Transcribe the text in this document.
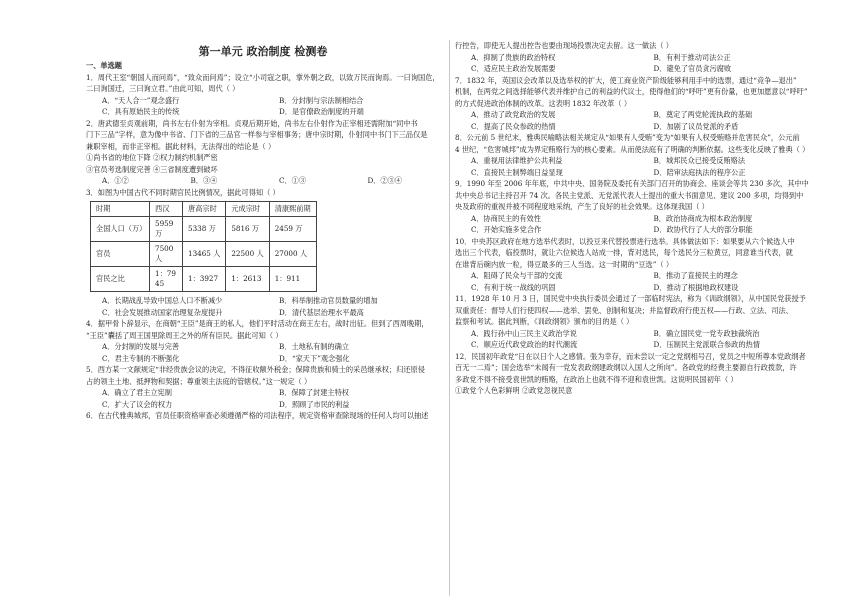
第一单元 政治制度 检测卷

一、单选题

1．周代王室“朝国人而问焉”，“致众而问焉”；设立“小司寇之职，掌外朝之政，以致万民而询焉。一曰询国危，

二曰询国迁，三曰询立君。”由此可知，周代（ ）

A．“天人合一”观念盛行	B．分封制与宗法制相结合
C．具有原始民主的传统	D．是官僚政治制度的开端

2．唐武德至贞观前期，尚书左右仆射为宰相。贞观后期开始，尚书左右仆射作为正宰相还需附加“同中书

门下三品”字样，意为像中书省、门下省的三品官一样参与宰相事务；唐中宗时期，仆射同中书门下三品仅是

兼职宰相，而非正宰相。据此材料，无法得出的结论是（ ）

①尚书省的地位下降 ②权力制约机制严密

③官员考选制度完善 ④三省制度遭到破坏

A．①②	B．③④	C．①③	D．②③④

3．如图为中国古代不同时期官民比例情况，据此可得知（ ）

时期	西汉	唐高宗时	元成宗时	清康熙前期
全国人口（万）	5959 万	5338 万	5816 万	2459 万
官员	7500 人	13465 人	22500 人	27000 人
官民之比	1：7945	1：3927	1：2613	1：911
A．长期战乱导致中国总人口不断减少	B．科举制推动官员数量的增加
C．社会发展推动国家治理复杂度提升	D．清代基层治理水平最高

4．据甲骨卜辞显示，在商朝“王臣”是商王的私人，他们平时活动在商王左右，战时出征。但到了西周晚期，

“王臣”囊括了周王国里除周王之外的所有臣民。据此可知（ ）

A．分封制的发展与完善	B．土地私有制的确立
C．君主专制的不断强化	D．“家天下”观念强化

5．西方某一文献规定“非经贵族会议的决定，不得征收额外税金；保障贵族和骑士的采邑继承权；归还原侵

占的领主土地、抵押物和契据；尊重领主法庭的管辖权。”这一规定（ ）

A．确立了君主立宪制	B．保障了封建主特权
C．扩大了议会的权力	D．照顾了市民的利益

6．在古代雅典城邦，官员任职资格审查必须遵循严格的司法程序，规定资格审查除现场的任何人均可以抽述

行控告，即使无人提出控告也要由现场投票决定去留。这一做法（ ）

A．抑制了贵族的政治特权	B．有利于推动司法公正
C．适应民主政治发展需要	D．避免了官员贪污腐败

7．1832 年，英国议会改革以及选举权的扩大，使工商业资产阶级能够利用手中的选票，通过“竞争—退出”

机制，在两党之间选择能够代表并维护自己的利益的代议士，使得他们的“呼吁”更有份量，也更加愿意以“呼吁”

的方式促进政治体制的改革。这表明 1832 年改革（ ）

A．推动了政党政治的发展	B．奠定了两党轮流执政的基础
C．提高了民众参政的热情	D．加剧了议员党派的矛盾

8．公元前 5 世纪末，雅典民喻略法相关规定从“如果有人受贿”变为“如果有人权受贿赂并危害民众”，公元前

4 世纪，“危害城邦”成为界定贿赂行为的核心要素。从而使法庭有了明确的判断依据。这些变化反映了雅典（ ）

A．重视用法律维护公共利益	B．城邦民众已接受反贿赂法
C．直接民主制弊端日益显现	D．陪审法庭执法的程序公正

9．1990 年至 2006 年年底，中共中央、国务院及委托有关部门召开的协商会、座谈会等共 230 多次，其中中

共中央总书记主持召开 74 次。各民主党派、无党派代表人士提出的重大书面意见、建议 200 多项，均得到中

央及政府的重视并被不同程度地采纳，产生了良好的社会效果。这体现我国（ ）

A．协商民主的有效性	B．政治协商成为根本政治制度
C．开始实施多党合作	D．政协代行了人大的部分职能

10．中央苏区政府在地方选举代表时，以投豆来代替投票进行选举。具体做法如下：如果要从六个候选人中

选出三个代表，临投票时，就让六位候选人站成一排，背对选民，每个选民分三粒黄豆，同意谁当代表，就

在谁背后碗内放一粒，得豆最多的三人当选。这一时期的“豆选”（ ）

A．阻碍了民众与干部的交流	B．推动了直接民主的理念
C．有利于统一战线的巩固	D．推动了根据地政权建设

11．1928 年 10 月 3 日，国民党中央执行委员会通过了一部临时宪法，称为《训政纲领》，从中国民党获授予

双重责任：督导人们行使四权——选举、罢免、创制和复决；并监督政府行使五权——行政、立法、司法、

监察和考试。据此判断，《训政纲领》颁布的目的是（ ）

A．践行孙中山三民主义政治学说	B．确立国民党一党专政独裁统治
C．顺应近代政党政治的时代潮流	D．压制民主党派联合参政的热情

12．民国初年政党“日在以日个人之感情。張为幸存，而未尝以一定之党纲相号召，党员之中短所尊本党政纲者

百无一二焉”；国会选举“未闻有一党发表政纲建政纲以入国人之所向”。各政党的经费主要源自行政拨款，许

多政党不得不接受袁世凯的贿赂，在政治上也就不得不迎和袁世凯。这说明民国初年（ ）

①政党个人色彩鲜明 ②政党忽视民意
